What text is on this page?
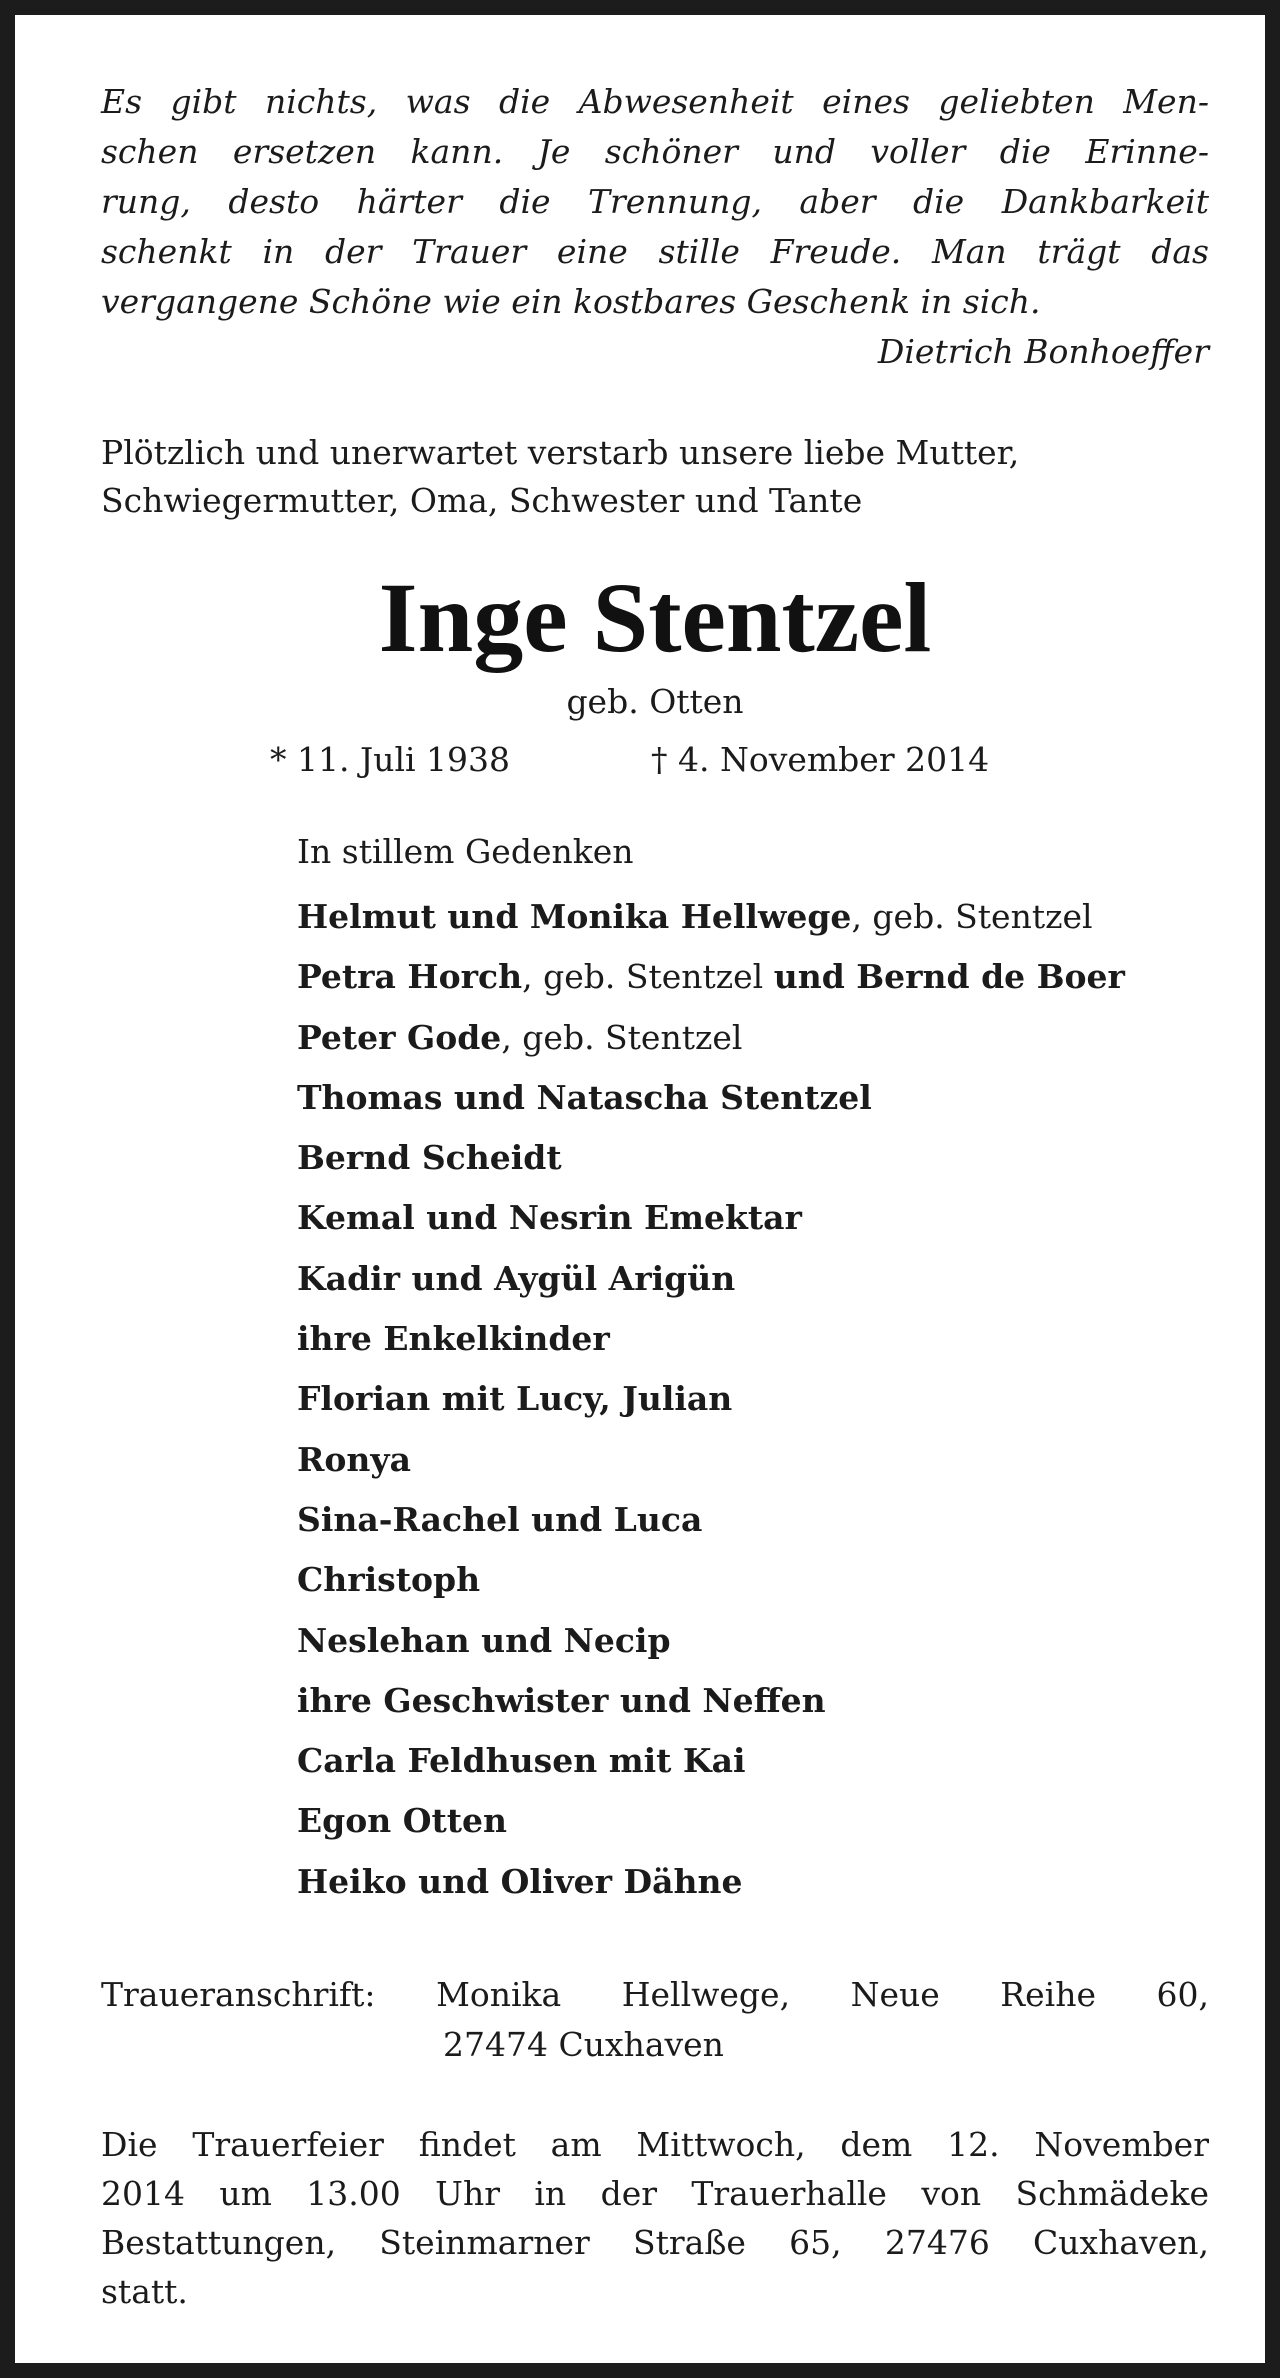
Es gibt nichts, was die Abwesenheit eines geliebten Men-
schen ersetzen kann. Je schöner und voller die Erinne-
rung, desto härter die Trennung, aber die Dankbarkeit
schenkt in der Trauer eine stille Freude. Man trägt das
vergangene Schöne wie ein kostbares Geschenk in sich.
Dietrich Bonhoeffer
Plötzlich und unerwartet verstarb unsere liebe Mutter,
Schwiegermutter, Oma, Schwester und Tante
Inge Stentzel
geb. Otten
* 11. Juli 1938	† 4. November 2014
In stillem Gedenken
Helmut und Monika Hellwege, geb. Stentzel
Petra Horch, geb. Stentzel und Bernd de Boer
Peter Gode, geb. Stentzel
Thomas und Natascha Stentzel
Bernd Scheidt
Kemal und Nesrin Emektar
Kadir und Aygül Arigün
ihre Enkelkinder
Florian mit Lucy, Julian
Ronya
Sina-Rachel und Luca
Christoph
Neslehan und Necip
ihre Geschwister und Neffen
Carla Feldhusen mit Kai
Egon Otten
Heiko und Oliver Dähne
Traueranschrift: Monika Hellwege, Neue Reihe 60,
27474 Cuxhaven
Die Trauerfeier findet am Mittwoch, dem 12. November
2014 um 13.00 Uhr in der Trauerhalle von Schmädeke
Bestattungen, Steinmarner Straße 65, 27476 Cuxhaven,
statt.
